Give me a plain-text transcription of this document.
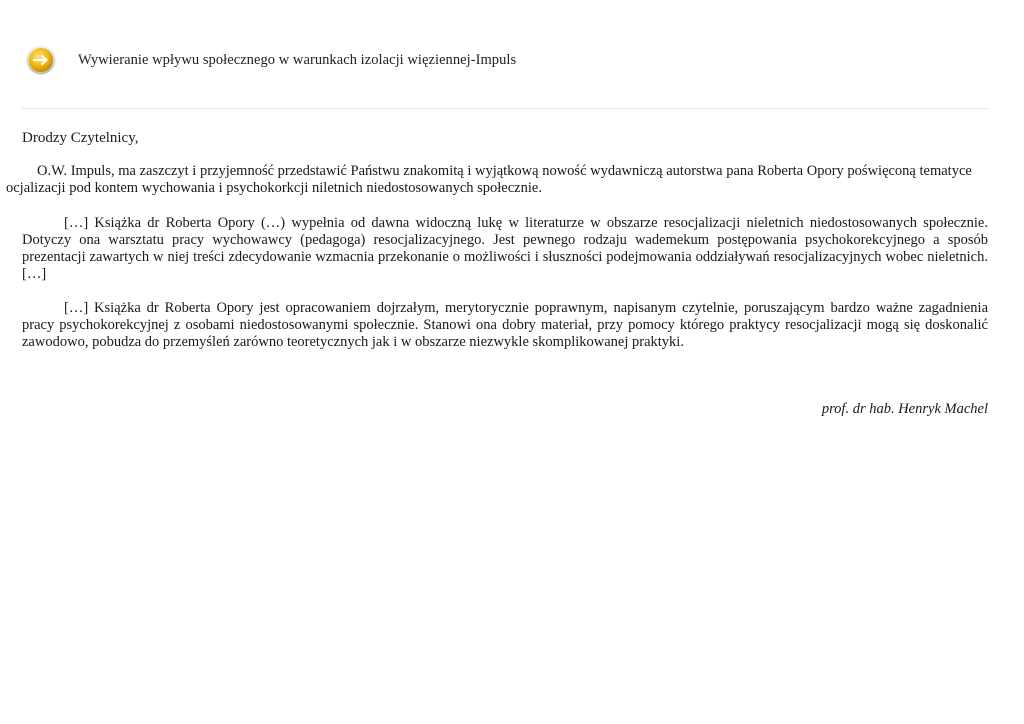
Wywieranie wpływu społecznego w warunkach izolacji więziennej-Impuls

Drodzy Czytelnicy,

O.W. Impuls, ma zaszczyt i przyjemność przedstawić Państwu znakomitą i wyjątkową nowość wydawniczą autorstwa pana Roberta Opory poświęconą tematyce
ocjalizacji pod kontem wychowania i psychokorkcji niletnich niedostosowanych społecznie.

[…] Książka dr Roberta Opory (…) wypełnia od dawna widoczną lukę w literaturze w obszarze resocjalizacji nieletnich niedostosowanych społecznie. Dotyczy ona warsztatu pracy wychowawcy (pedagoga) resocjalizacyjnego. Jest pewnego rodzaju wademekum postępowania psychokorekcyjnego a sposób prezentacji zawartych w niej treści zdecydowanie wzmacnia przekonanie o możliwości i słuszności podejmowania oddziaływań resocjalizacyjnych wobec nieletnich. […]

[…] Książka dr Roberta Opory jest opracowaniem dojrzałym, merytorycznie poprawnym, napisanym czytelnie, poruszającym bardzo ważne zagadnienia pracy psychokorekcyjnej z osobami niedostosowanymi społecznie. Stanowi ona dobry materiał, przy pomocy którego praktycy resocjalizacji mogą się doskonalić zawodowo, pobudza do przemyśleń zarówno teoretycznych jak i w obszarze niezwykle skomplikowanej praktyki.

prof. dr hab. Henryk Machel
